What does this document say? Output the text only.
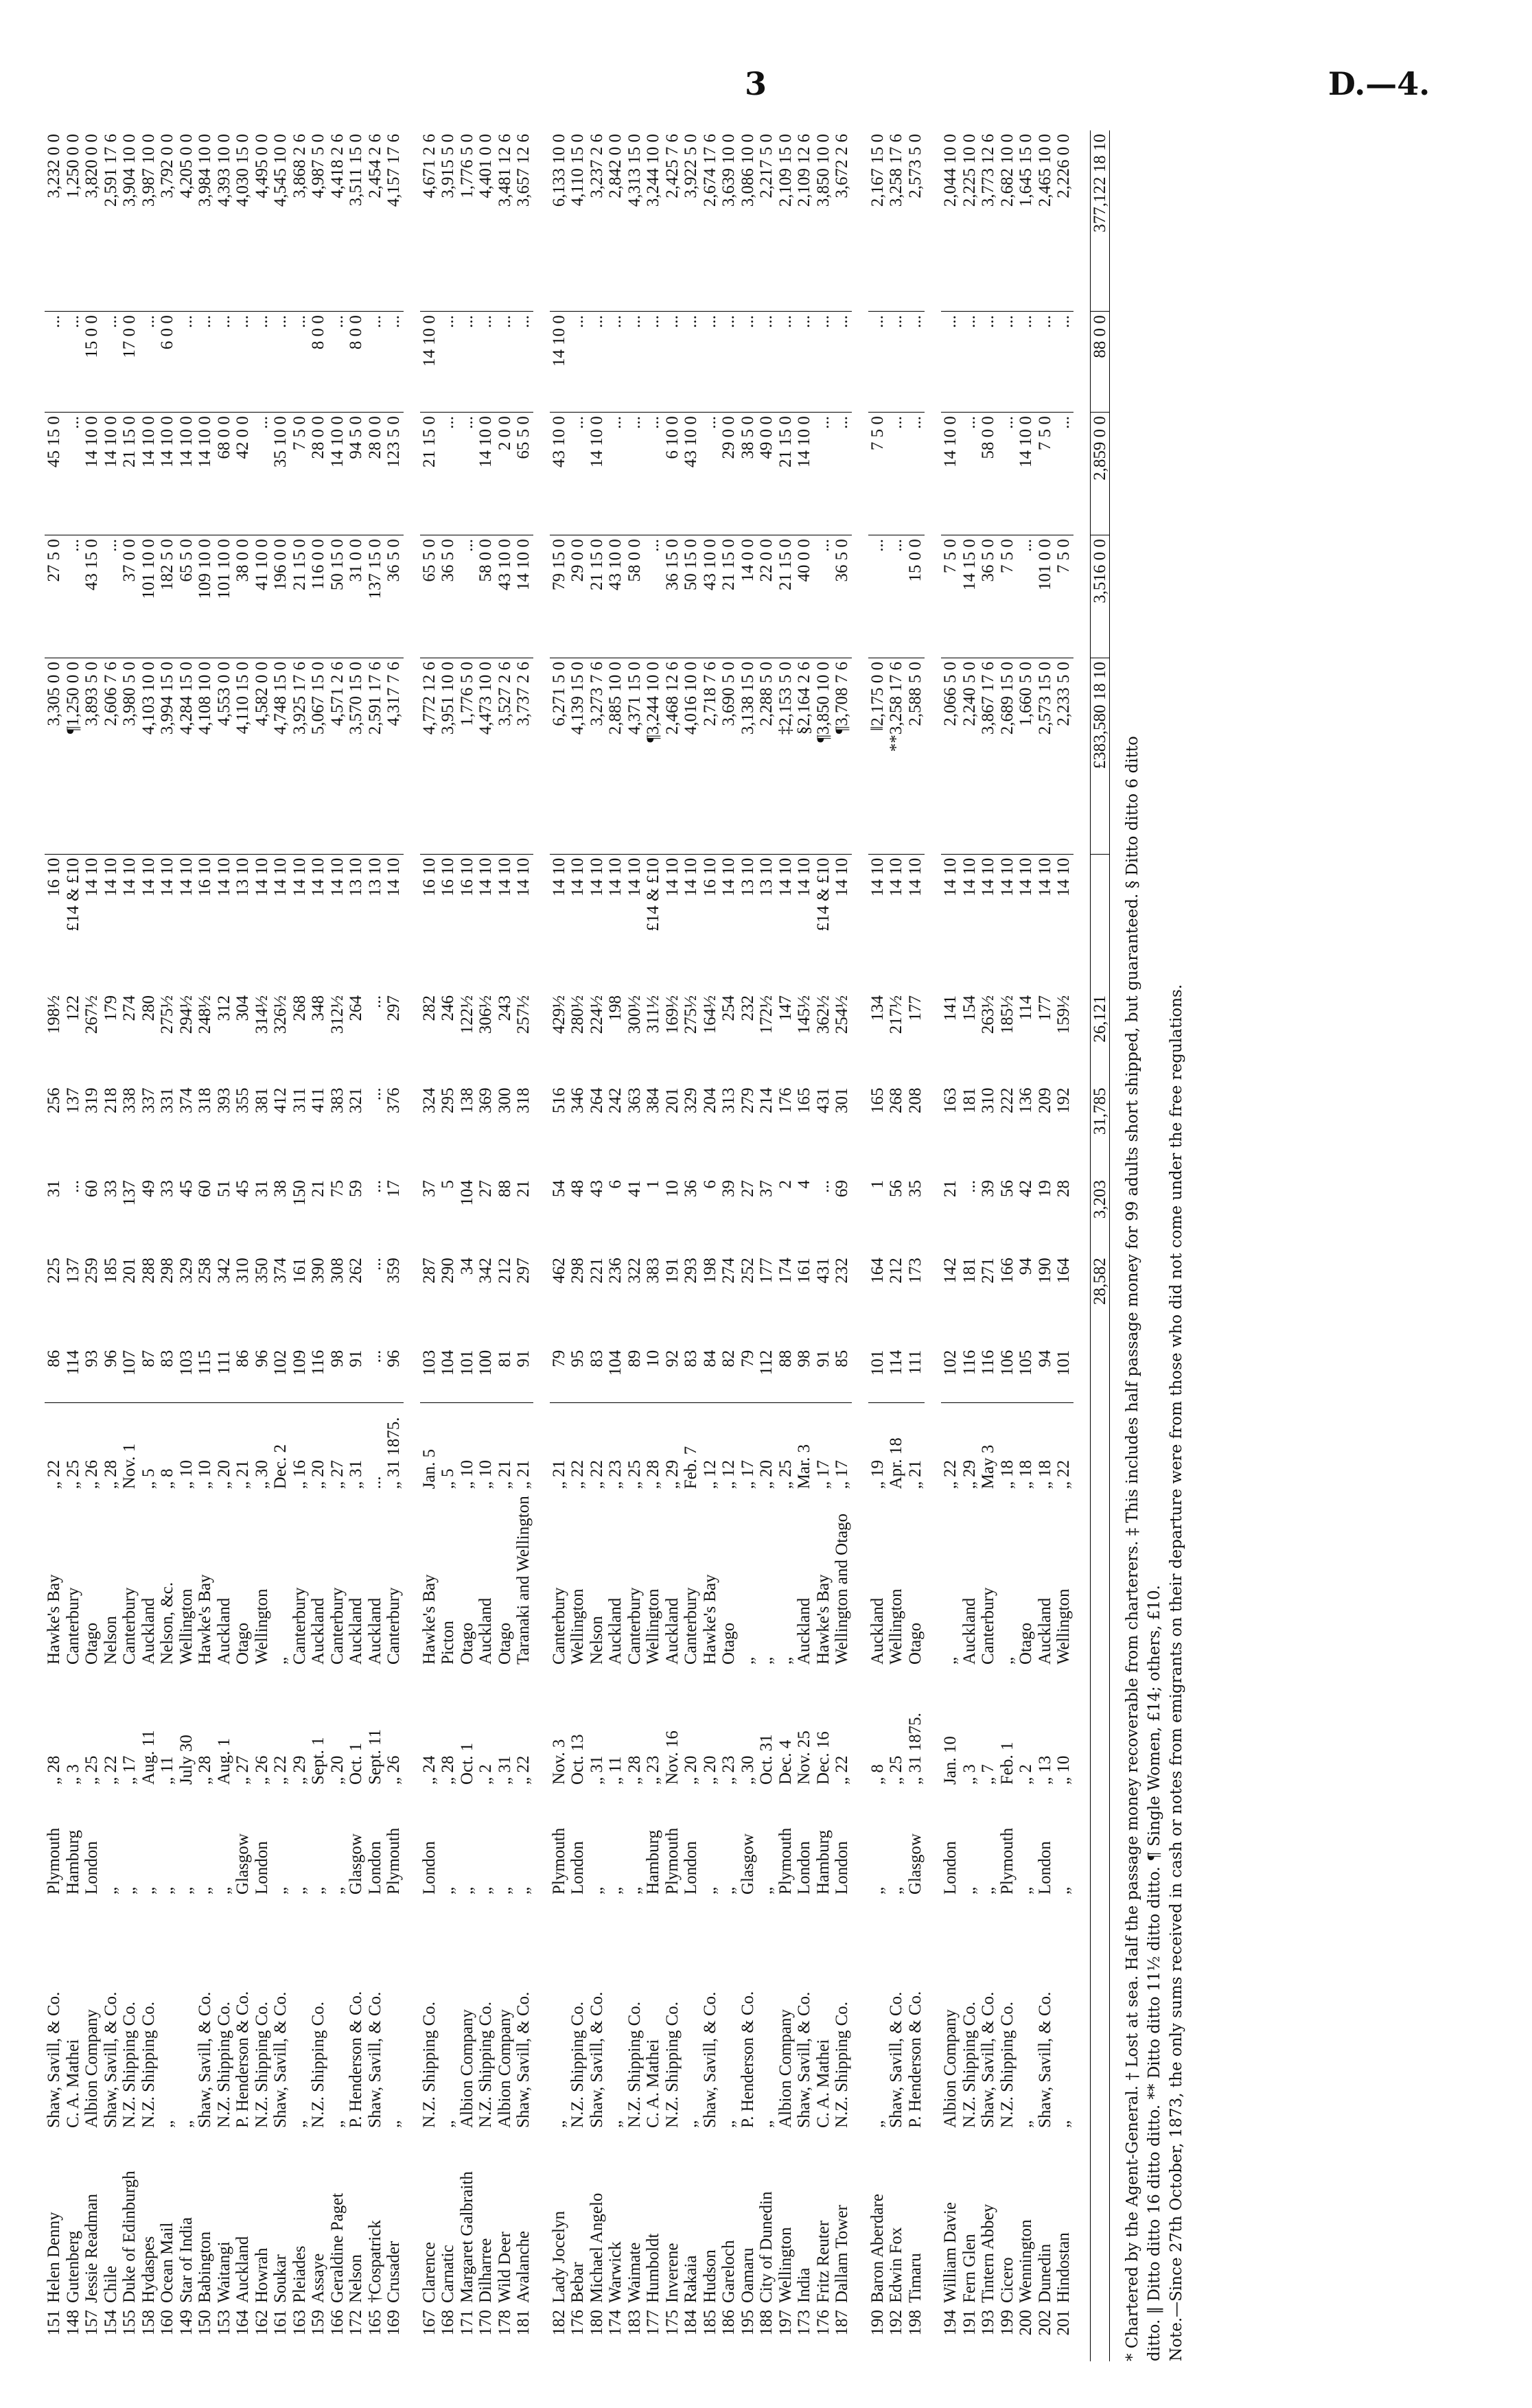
3	D.—4.
151	Helen Denny	Shaw, Savill, & Co.	Plymouth	„ 28	Hawke's Bay	„ 22	86	225	31	256	198½	16 10	3,305 0 0	27 5 0	45 15 0	...	3,232 0 0
148	Gutenberg	C. A. Mathei	Hamburg	„ 3	Canterbury	„ 25	114	137	...	137	122	£14 & £10	¶1,250 0 0	...	...	...	1,250 0 0
157	Jessie Readman	Albion Company	London	„ 25	Otago	„ 26	93	259	60	319	267½	14 10	3,893 5 0	43 15 0	14 10 0	15 0 0	3,820 0 0
154	Chile	Shaw, Savill, & Co.	„	„ 22	Nelson	„ 28	96	185	33	218	179	14 10	2,606 7 6	...	14 10 0	...	2,591 17 6
155	Duke of Edinburgh	N.Z. Shipping Co.	„	„ 17	Canterbury	Nov. 1	107	201	137	338	274	14 10	3,980 5 0	37 0 0	21 15 0	17 0 0	3,904 10 0
158	Hydaspes	N.Z. Shipping Co.	„	Aug. 11	Auckland	„ 5	87	288	49	337	280	14 10	4,103 10 0	101 10 0	14 10 0	...	3,987 10 0
160	Ocean Mail	„	„	„ 11	Nelson, &c.	„ 8	83	298	33	331	275½	14 10	3,994 15 0	182 5 0	14 10 0	6 0 0	3,792 0 0
149	Star of India	„	„	July 30	Wellington	„ 10	103	329	45	374	294½	14 10	4,284 15 0	65 5 0	14 10 0	...	4,205 0 0
150	Babington	Shaw, Savill, & Co.	„	„ 28	Hawke's Bay	„ 10	115	258	60	318	248½	16 10	4,108 10 0	109 10 0	14 10 0	...	3,984 10 0
153	Waitangi	N.Z. Shipping Co.	„	Aug. 1	Auckland	„ 20	111	342	51	393	312	14 10	4,553 0 0	101 10 0	68 0 0	...	4,393 10 0
164	Auckland	P. Henderson & Co.	Glasgow	„ 27	Otago	„ 21	86	310	45	355	304	13 10	4,110 15 0	38 0 0	42 0 0	...	4,030 15 0
162	Howrah	N.Z. Shipping Co.	London	„ 26	Wellington	„ 30	96	350	31	381	314½	14 10	4,582 0 0	41 10 0	...	...	4,495 0 0
161	Soukar	Shaw, Savill, & Co.	„	„ 22	„	Dec. 2	102	374	38	412	326½	14 10	4,748 15 0	196 0 0	35 10 0	...	4,545 10 0
163	Pleiades	„	„	„ 29	Canterbury	„ 16	109	161	150	311	268	14 10	3,925 17 6	21 15 0	7 5 0	...	3,868 2 6
159	Assaye	N.Z. Shipping Co.	„	Sept. 1	Auckland	„ 20	116	390	21	411	348	14 10	5,067 15 0	116 0 0	28 0 0	8 0 0	4,987 5 0
166	Geraldine Paget	„	„	„ 20	Canterbury	„ 27	98	308	75	383	312½	14 10	4,571 2 6	50 15 0	14 10 0	...	4,418 2 6
172	Nelson	P. Henderson & Co.	Glasgow	Oct. 1	Auckland	„ 31	91	262	59	321	264	13 10	3,570 15 0	31 0 0	94 5 0	8 0 0	3,511 15 0
165	†Cospatrick	Shaw, Savill, & Co.	London	Sept. 11	Auckland	...	...	...	...	...	...	13 10	2,591 17 6	137 15 0	28 0 0	...	2,454 2 6
169	Crusader	„	Plymouth	„ 26	Canterbury	„ 31 1875.	96	359	17	376	297	14 10	4,317 7 6	36 5 0	123 5 0	...	4,157 17 6

167	Clarence	N.Z. Shipping Co.	London	„ 24	Hawke's Bay	Jan. 5	103	287	37	324	282	16 10	4,772 12 6	65 5 0	21 15 0	14 10 0	4,671 2 6
168	Carnatic	„	„	„ 28	Picton	„ 5	104	290	5	295	246	16 10	3,951 10 0	36 5 0	...	...	3,915 5 0
171	Margaret Galbraith	Albion Company	„	Oct. 1	Otago	„ 10	101	34	104	138	122½	16 10	1,776 5 0	...	...	...	1,776 5 0
170	Dilharree	N.Z. Shipping Co.	„	„ 2	Auckland	„ 10	100	342	27	369	306½	14 10	4,473 10 0	58 0 0	14 10 0	...	4,401 0 0
178	Wild Deer	Albion Company	„	„ 31	Otago	„ 21	81	212	88	300	243	14 10	3,527 2 6	43 10 0	2 0 0	...	3,481 12 6
181	Avalanche	Shaw, Savill, & Co.	„	„ 22	Taranaki and Wellington	„ 21	91	297	21	318	257½	14 10	3,737 2 6	14 10 0	65 5 0	...	3,657 12 6

182	Lady Jocelyn	„	Plymouth	Nov. 3	Canterbury	„ 21	79	462	54	516	429½	14 10	6,271 5 0	79 15 0	43 10 0	14 10 0	6,133 10 0
176	Bebar	N.Z. Shipping Co.	London	Oct. 13	Wellington	„ 22	95	298	48	346	280½	14 10	4,139 15 0	29 0 0	...	...	4,110 15 0
180	Michael Angelo	Shaw, Savill, & Co.	„	„ 31	Nelson	„ 22	83	221	43	264	224½	14 10	3,273 7 6	21 15 0	14 10 0	...	3,237 2 6
174	Warwick	„	„	„ 11	Auckland	„ 23	104	236	6	242	198	14 10	2,885 10 0	43 10 0	...	...	2,842 0 0
183	Waimate	N.Z. Shipping Co.	„	„ 28	Canterbury	„ 25	89	322	41	363	300½	14 10	4,371 15 0	58 0 0	...	...	4,313 15 0
177	Humboldt	C. A. Mathei	Hamburg	„ 23	Wellington	„ 28	10	383	1	384	311½	£14 & £10	¶3,244 10 0	...	...	...	3,244 10 0
175	Inverene	N.Z. Shipping Co.	Plymouth	Nov. 16	Auckland	„ 29	92	191	10	201	169½	14 10	2,468 12 6	36 15 0	6 10 0	...	2,425 7 6
184	Rakaia	„	London	„ 20	Canterbury	Feb. 7	83	293	36	329	275½	14 10	4,016 10 0	50 15 0	43 10 0	...	3,922 5 0
185	Hudson	Shaw, Savill, & Co.	„	„ 20	Hawke's Bay	„ 12	84	198	6	204	164½	16 10	2,718 7 6	43 10 0	...	...	2,674 17 6
186	Gareloch	„	„	„ 23	Otago	„ 12	82	274	39	313	254	14 10	3,690 5 0	21 15 0	29 0 0	...	3,639 10 0
195	Oamaru	P. Henderson & Co.	Glasgow	„ 30	„	„ 17	79	252	27	279	232	13 10	3,138 15 0	14 0 0	38 5 0	...	3,086 10 0
188	City of Dunedin	„	„	Oct. 31	„	„ 20	112	177	37	214	172½	13 10	2,288 5 0	22 0 0	49 0 0	...	2,217 5 0
197	Wellington	Albion Company	Plymouth	Dec. 4	„	„ 25	88	174	2	176	147	14 10	‡2,153 5 0	21 15 0	21 15 0	...	2,109 15 0
173	India	Shaw, Savill, & Co.	London	Nov. 25	Auckland	Mar. 3	98	161	4	165	145½	14 10	§2,164 2 6	40 0 0	14 10 0	...	2,109 12 6
176	Fritz Reuter	C. A. Mathei	Hamburg	Dec. 16	Hawke's Bay	„ 17	91	431	...	431	362½	£14 & £10	¶3,850 10 0	...	...	...	3,850 10 0
187	Dallam Tower	N.Z. Shipping Co.	London	„ 22	Wellington and Otago	„ 17	85	232	69	301	254½	14 10	¶3,708 7 6	36 5 0	...	...	3,672 2 6

190	Baron Aberdare	„	„	„ 8	Auckland	„ 19	101	164	1	165	134	14 10	‖2,175 0 0	...	7 5 0	...	2,167 15 0
192	Edwin Fox	Shaw, Savill, & Co.	„	„ 25	Wellington	Apr. 18	114	212	56	268	217½	14 10	**3,258 17 6	...	...	...	3,258 17 6
198	Timaru	P. Henderson & Co.	Glasgow	„ 31 1875.	Otago	„ 21	111	173	35	208	177	14 10	2,588 5 0	15 0 0	...	...	2,573 5 0

194	William Davie	Albion Company	London	Jan. 10	„	„ 22	102	142	21	163	141	14 10	2,066 5 0	7 5 0	14 10 0	...	2,044 10 0
191	Fern Glen	N.Z. Shipping Co.	„	„ 3	Auckland	„ 29	116	181	...	181	154	14 10	2,240 5 0	14 15 0	...	...	2,225 10 0
193	Tintern Abbey	Shaw, Savill, & Co.	„	„ 7	Canterbury	May 3	116	271	39	310	263½	14 10	3,867 17 6	36 5 0	58 0 0	...	3,773 12 6
199	Cicero	N.Z. Shipping Co.	Plymouth	Feb. 1	„	„ 18	106	166	56	222	185½	14 10	2,689 15 0	7 5 0	...	...	2,682 10 0
200	Wennington	„	„	„ 2	Otago	„ 18	105	94	42	136	114	14 10	1,660 5 0	...	14 10 0	...	1,645 15 0
202	Dunedin	Shaw, Savill, & Co.	London	„ 13	Auckland	„ 18	94	190	19	209	177	14 10	2,573 15 0	101 0 0	7 5 0	...	2,465 10 0
201	Hindostan	„	„	„ 10	Wellington	„ 22	101	164	28	192	159½	14 10	2,233 5 0	7 5 0	...	...	2,226 0 0

								28,582	3,203	31,785	26,121		£383,580 18 10	3,516 0 0	2,859 0 0	88 0 0	377,122 18 10

* Chartered by the Agent-General. † Lost at sea. Half the passage money recoverable from charterers. ‡ This includes half passage money for 99 adults short shipped, but guaranteed. § Ditto ditto 6 ditto ditto. ‖ Ditto ditto 16 ditto ditto. ** Ditto ditto 11½ ditto ditto. ¶ Single Women, £14; others, £10. Note.—Since 27th October, 1873, the only sums received in cash or notes from emigrants on their departure were from those who did not come under the free regulations.
